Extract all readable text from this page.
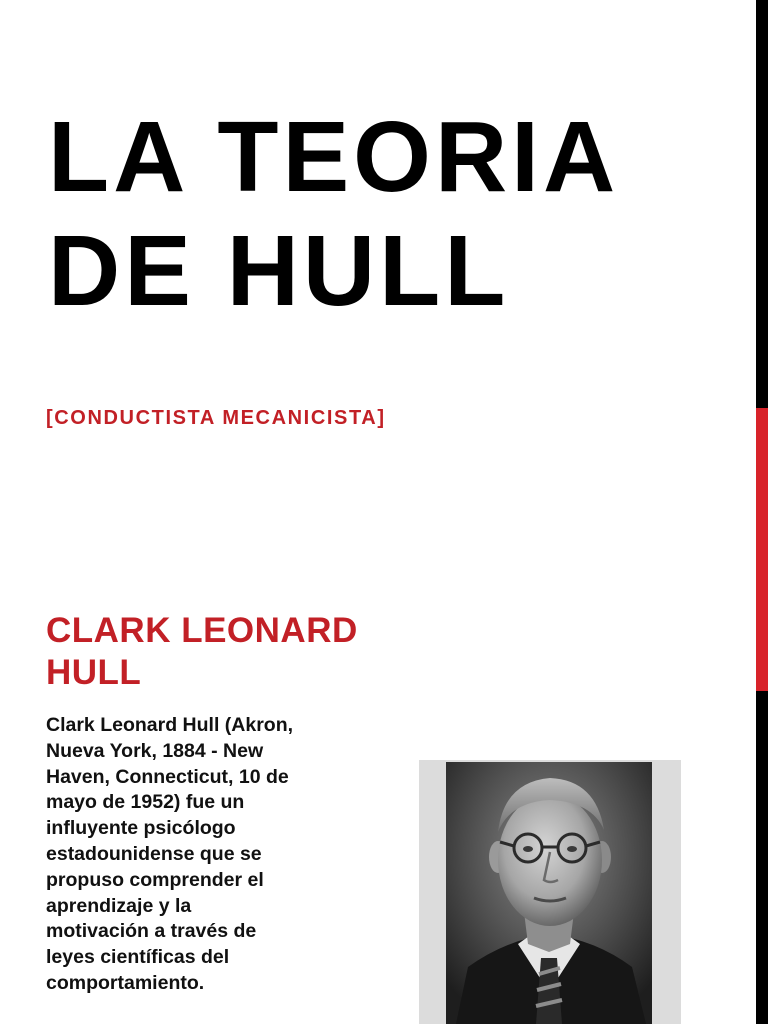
LA TEORIA
DE HULL
[CONDUCTISTA MECANICISTA]
CLARK LEONARD
HULL

Clark Leonard Hull (Akron, Nueva York, 1884 - New Haven, Connecticut, 10 de mayo de 1952) fue un influyente psicólogo estadounidense que se propuso comprender el aprendizaje y la motivación a través de leyes científicas del comportamiento.
